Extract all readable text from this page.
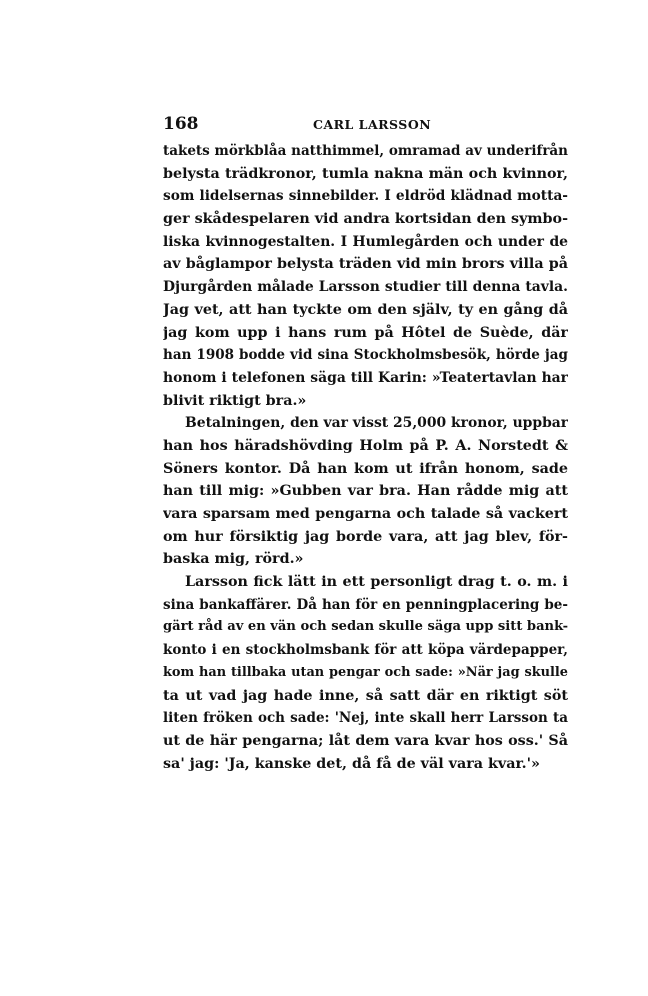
168	CARL LARSSON
takets mörkblåa natthimmel, omramad av underifrån
belysta trädkronor, tumla nakna män och kvinnor,
som lidelsernas sinnebilder. I eldröd klädnad motta-
ger skådespelaren vid andra kortsidan den symbo-
liska kvinnogestalten. I Humlegården och under de
av båglampor belysta träden vid min brors villa på
Djurgården målade Larsson studier till denna tavla.
Jag vet, att han tyckte om den själv, ty en gång då
jag kom upp i hans rum på Hôtel de Suède, där
han 1908 bodde vid sina Stockholmsbesök, hörde jag
honom i telefonen säga till Karin: »Teatertavlan har
blivit riktigt bra.»
Betalningen, den var visst 25,000 kronor, uppbar
han hos häradshövding Holm på P. A. Norstedt &
Söners kontor. Då han kom ut ifrån honom, sade
han till mig: »Gubben var bra. Han rådde mig att
vara sparsam med pengarna och talade så vackert
om hur försiktig jag borde vara, att jag blev, för-
baska mig, rörd.»
Larsson fick lätt in ett personligt drag t. o. m. i
sina bankaffärer. Då han för en penningplacering be-
gärt råd av en vän och sedan skulle säga upp sitt bank-
konto i en stockholmsbank för att köpa värdepapper,
kom han tillbaka utan pengar och sade: »När jag skulle
ta ut vad jag hade inne, så satt där en riktigt söt
liten fröken och sade: 'Nej, inte skall herr Larsson ta
ut de här pengarna; låt dem vara kvar hos oss.' Så
sa' jag: 'Ja, kanske det, då få de väl vara kvar.'»
